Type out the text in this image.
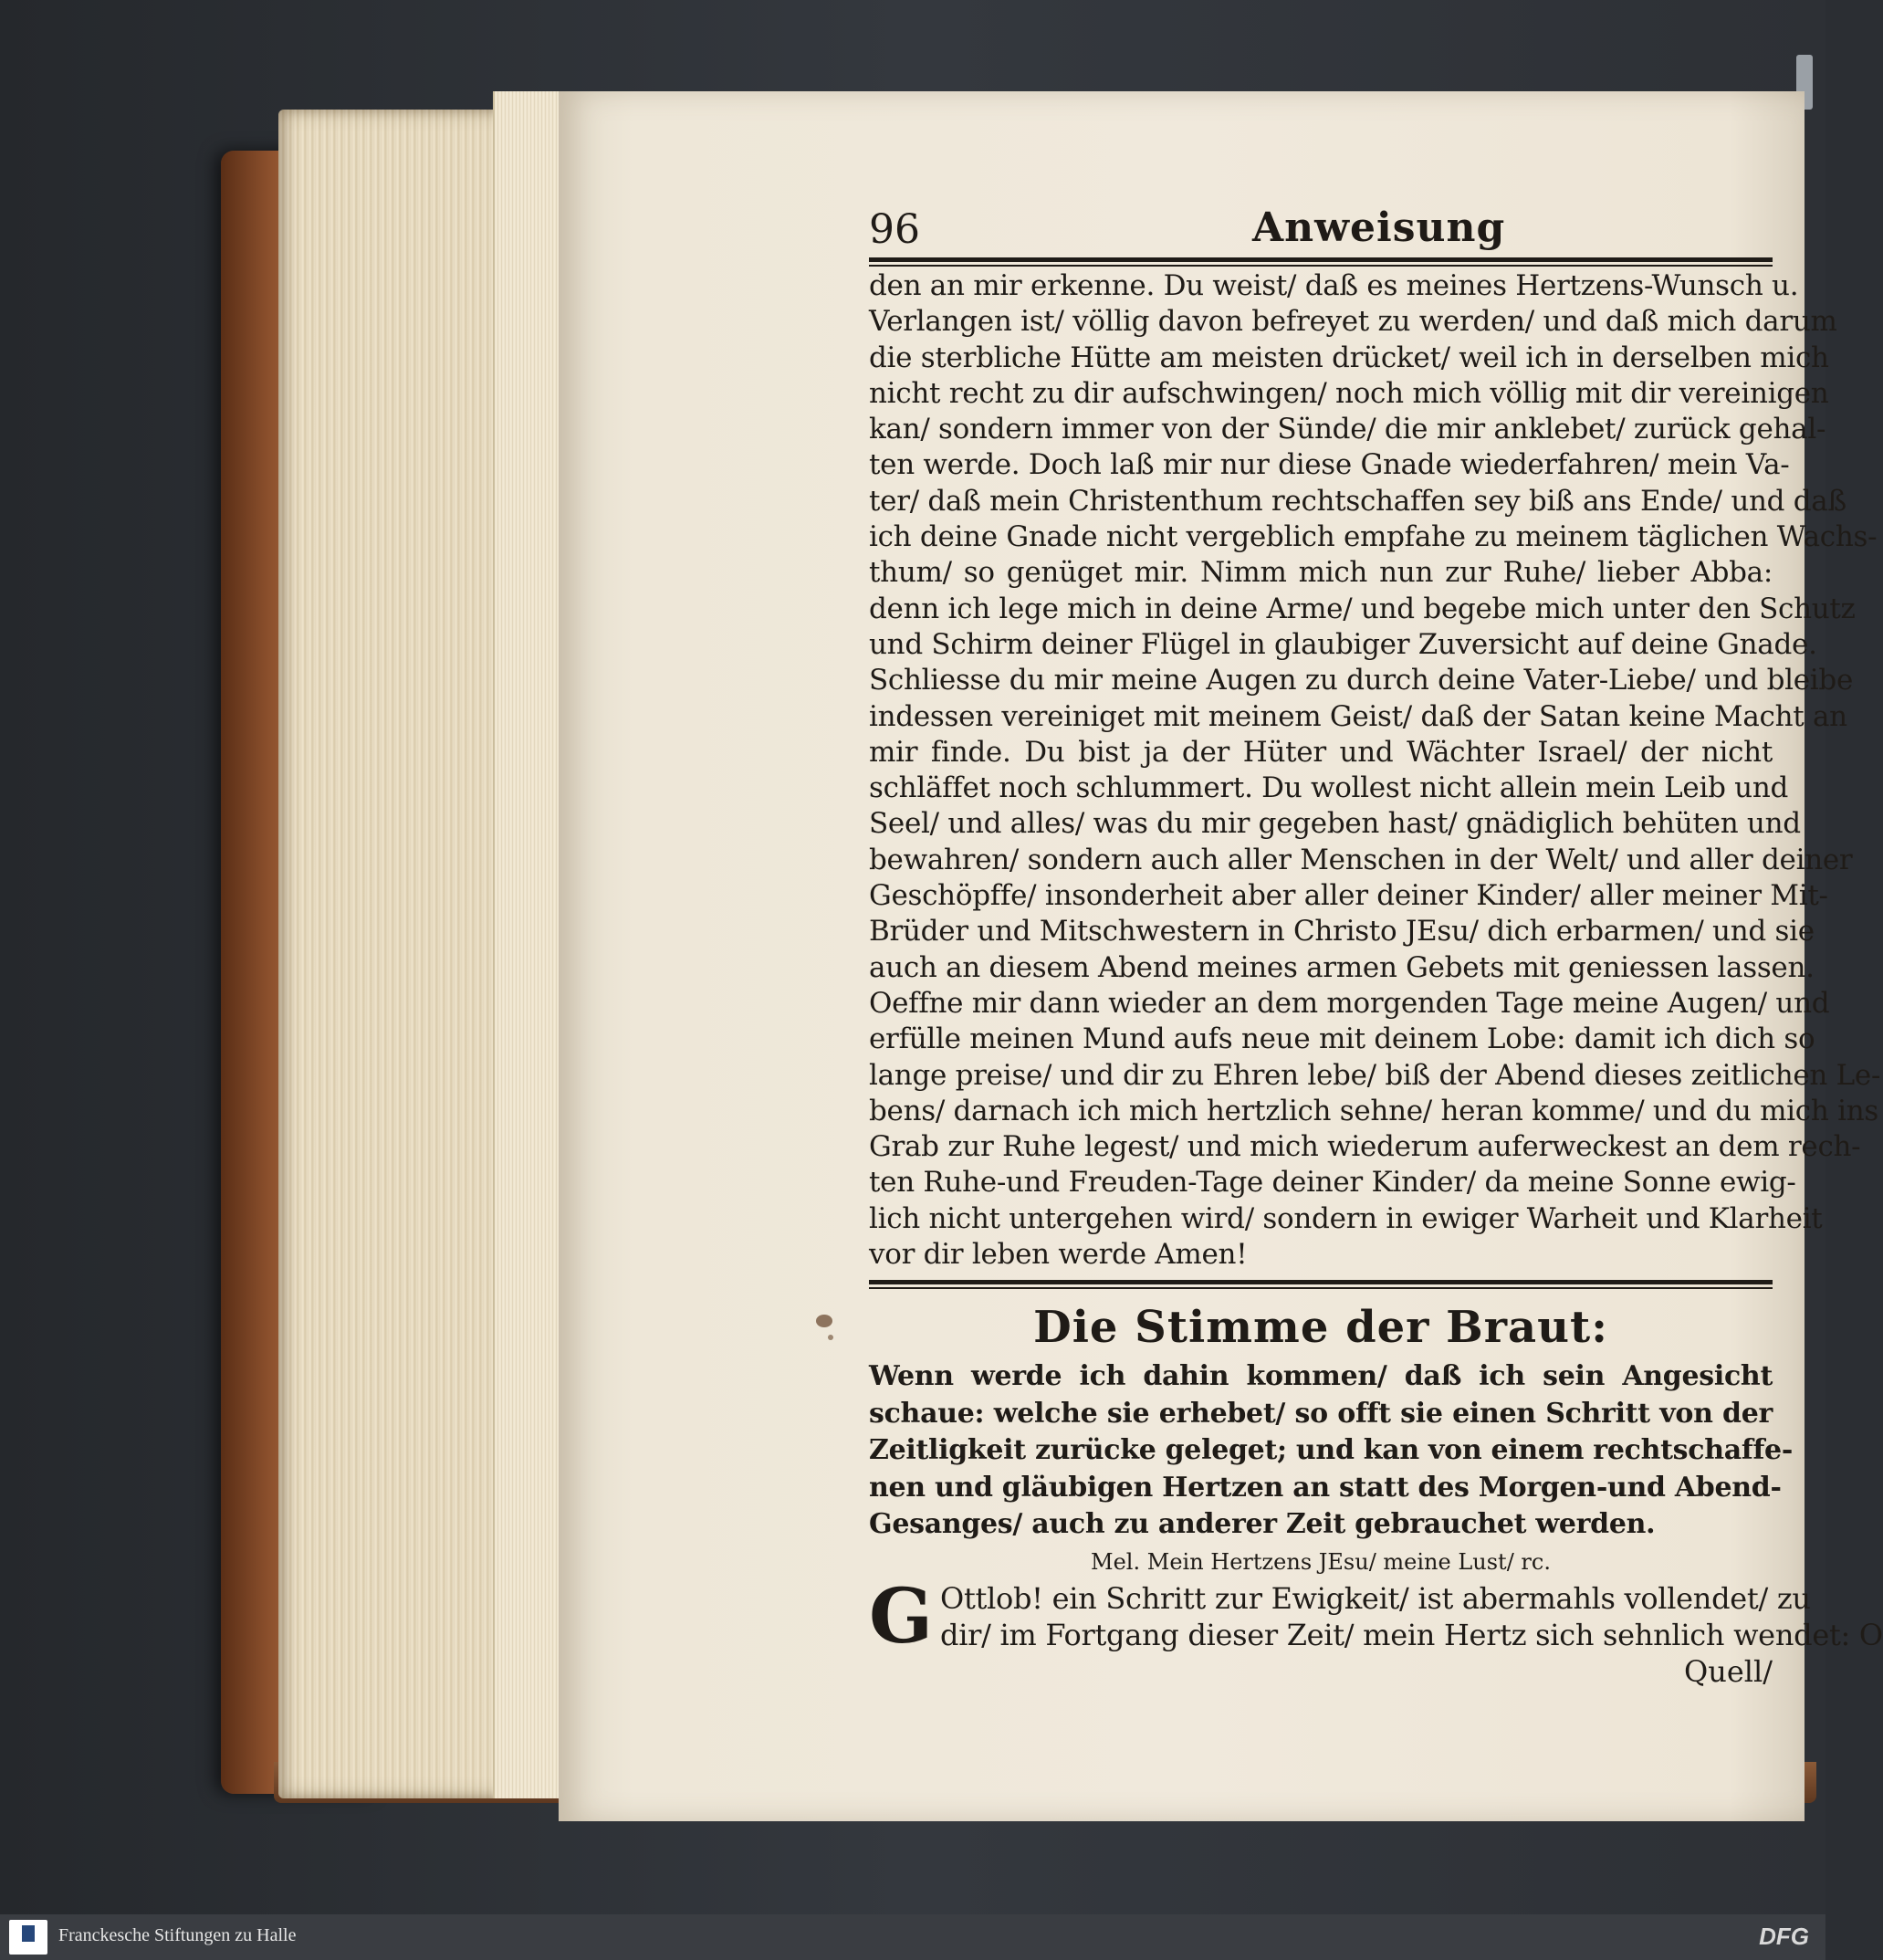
96	Anweisung
den an mir erkenne. Du weist/ daß es meines Hertzens-Wunsch u.
Verlangen ist/ völlig davon befreyet zu werden/ und daß mich darum
die sterbliche Hütte am meisten drücket/ weil ich in derselben mich
nicht recht zu dir aufschwingen/ noch mich völlig mit dir vereinigen
kan/ sondern immer von der Sünde/ die mir anklebet/ zurück gehal-
ten werde. Doch laß mir nur diese Gnade wiederfahren/ mein Va-
ter/ daß mein Christenthum rechtschaffen sey biß ans Ende/ und daß
ich deine Gnade nicht vergeblich empfahe zu meinem täglichen Wachs-
thum/ so genüget mir. Nimm mich nun zur Ruhe/ lieber Abba:
denn ich lege mich in deine Arme/ und begebe mich unter den Schutz
und Schirm deiner Flügel in glaubiger Zuversicht auf deine Gnade.
Schliesse du mir meine Augen zu durch deine Vater-Liebe/ und bleibe
indessen vereiniget mit meinem Geist/ daß der Satan keine Macht an
mir finde. Du bist ja der Hüter und Wächter Israel/ der nicht
schläffet noch schlummert. Du wollest nicht allein mein Leib und
Seel/ und alles/ was du mir gegeben hast/ gnädiglich behüten und
bewahren/ sondern auch aller Menschen in der Welt/ und aller deiner
Geschöpffe/ insonderheit aber aller deiner Kinder/ aller meiner Mit-
Brüder und Mitschwestern in Christo JEsu/ dich erbarmen/ und sie
auch an diesem Abend meines armen Gebets mit geniessen lassen.
Oeffne mir dann wieder an dem morgenden Tage meine Augen/ und
erfülle meinen Mund aufs neue mit deinem Lobe: damit ich dich so
lange preise/ und dir zu Ehren lebe/ biß der Abend dieses zeitlichen Le-
bens/ darnach ich mich hertzlich sehne/ heran komme/ und du mich ins
Grab zur Ruhe legest/ und mich wiederum auferweckest an dem rech-
ten Ruhe-und Freuden-Tage deiner Kinder/ da meine Sonne ewig-
lich nicht untergehen wird/ sondern in ewiger Warheit und Klarheit
vor dir leben werde Amen!
Die Stimme der Braut:
Wenn werde ich dahin kommen/ daß ich sein Angesicht
schaue: welche sie erhebet/ so offt sie einen Schritt von der
Zeitligkeit zurücke geleget; und kan von einem rechtschaffe-
nen und gläubigen Hertzen an statt des Morgen-und Abend-
Gesanges/ auch zu anderer Zeit gebrauchet werden.
Mel. Mein Hertzens JEsu/ meine Lust/ rc.
G Ottlob! ein Schritt zur Ewigkeit/ ist abermahls vollendet/ zu
dir/ im Fortgang dieser Zeit/ mein Hertz sich sehnlich wendet: O
Quell/
Franckesche Stiftungen zu Halle	DFG
